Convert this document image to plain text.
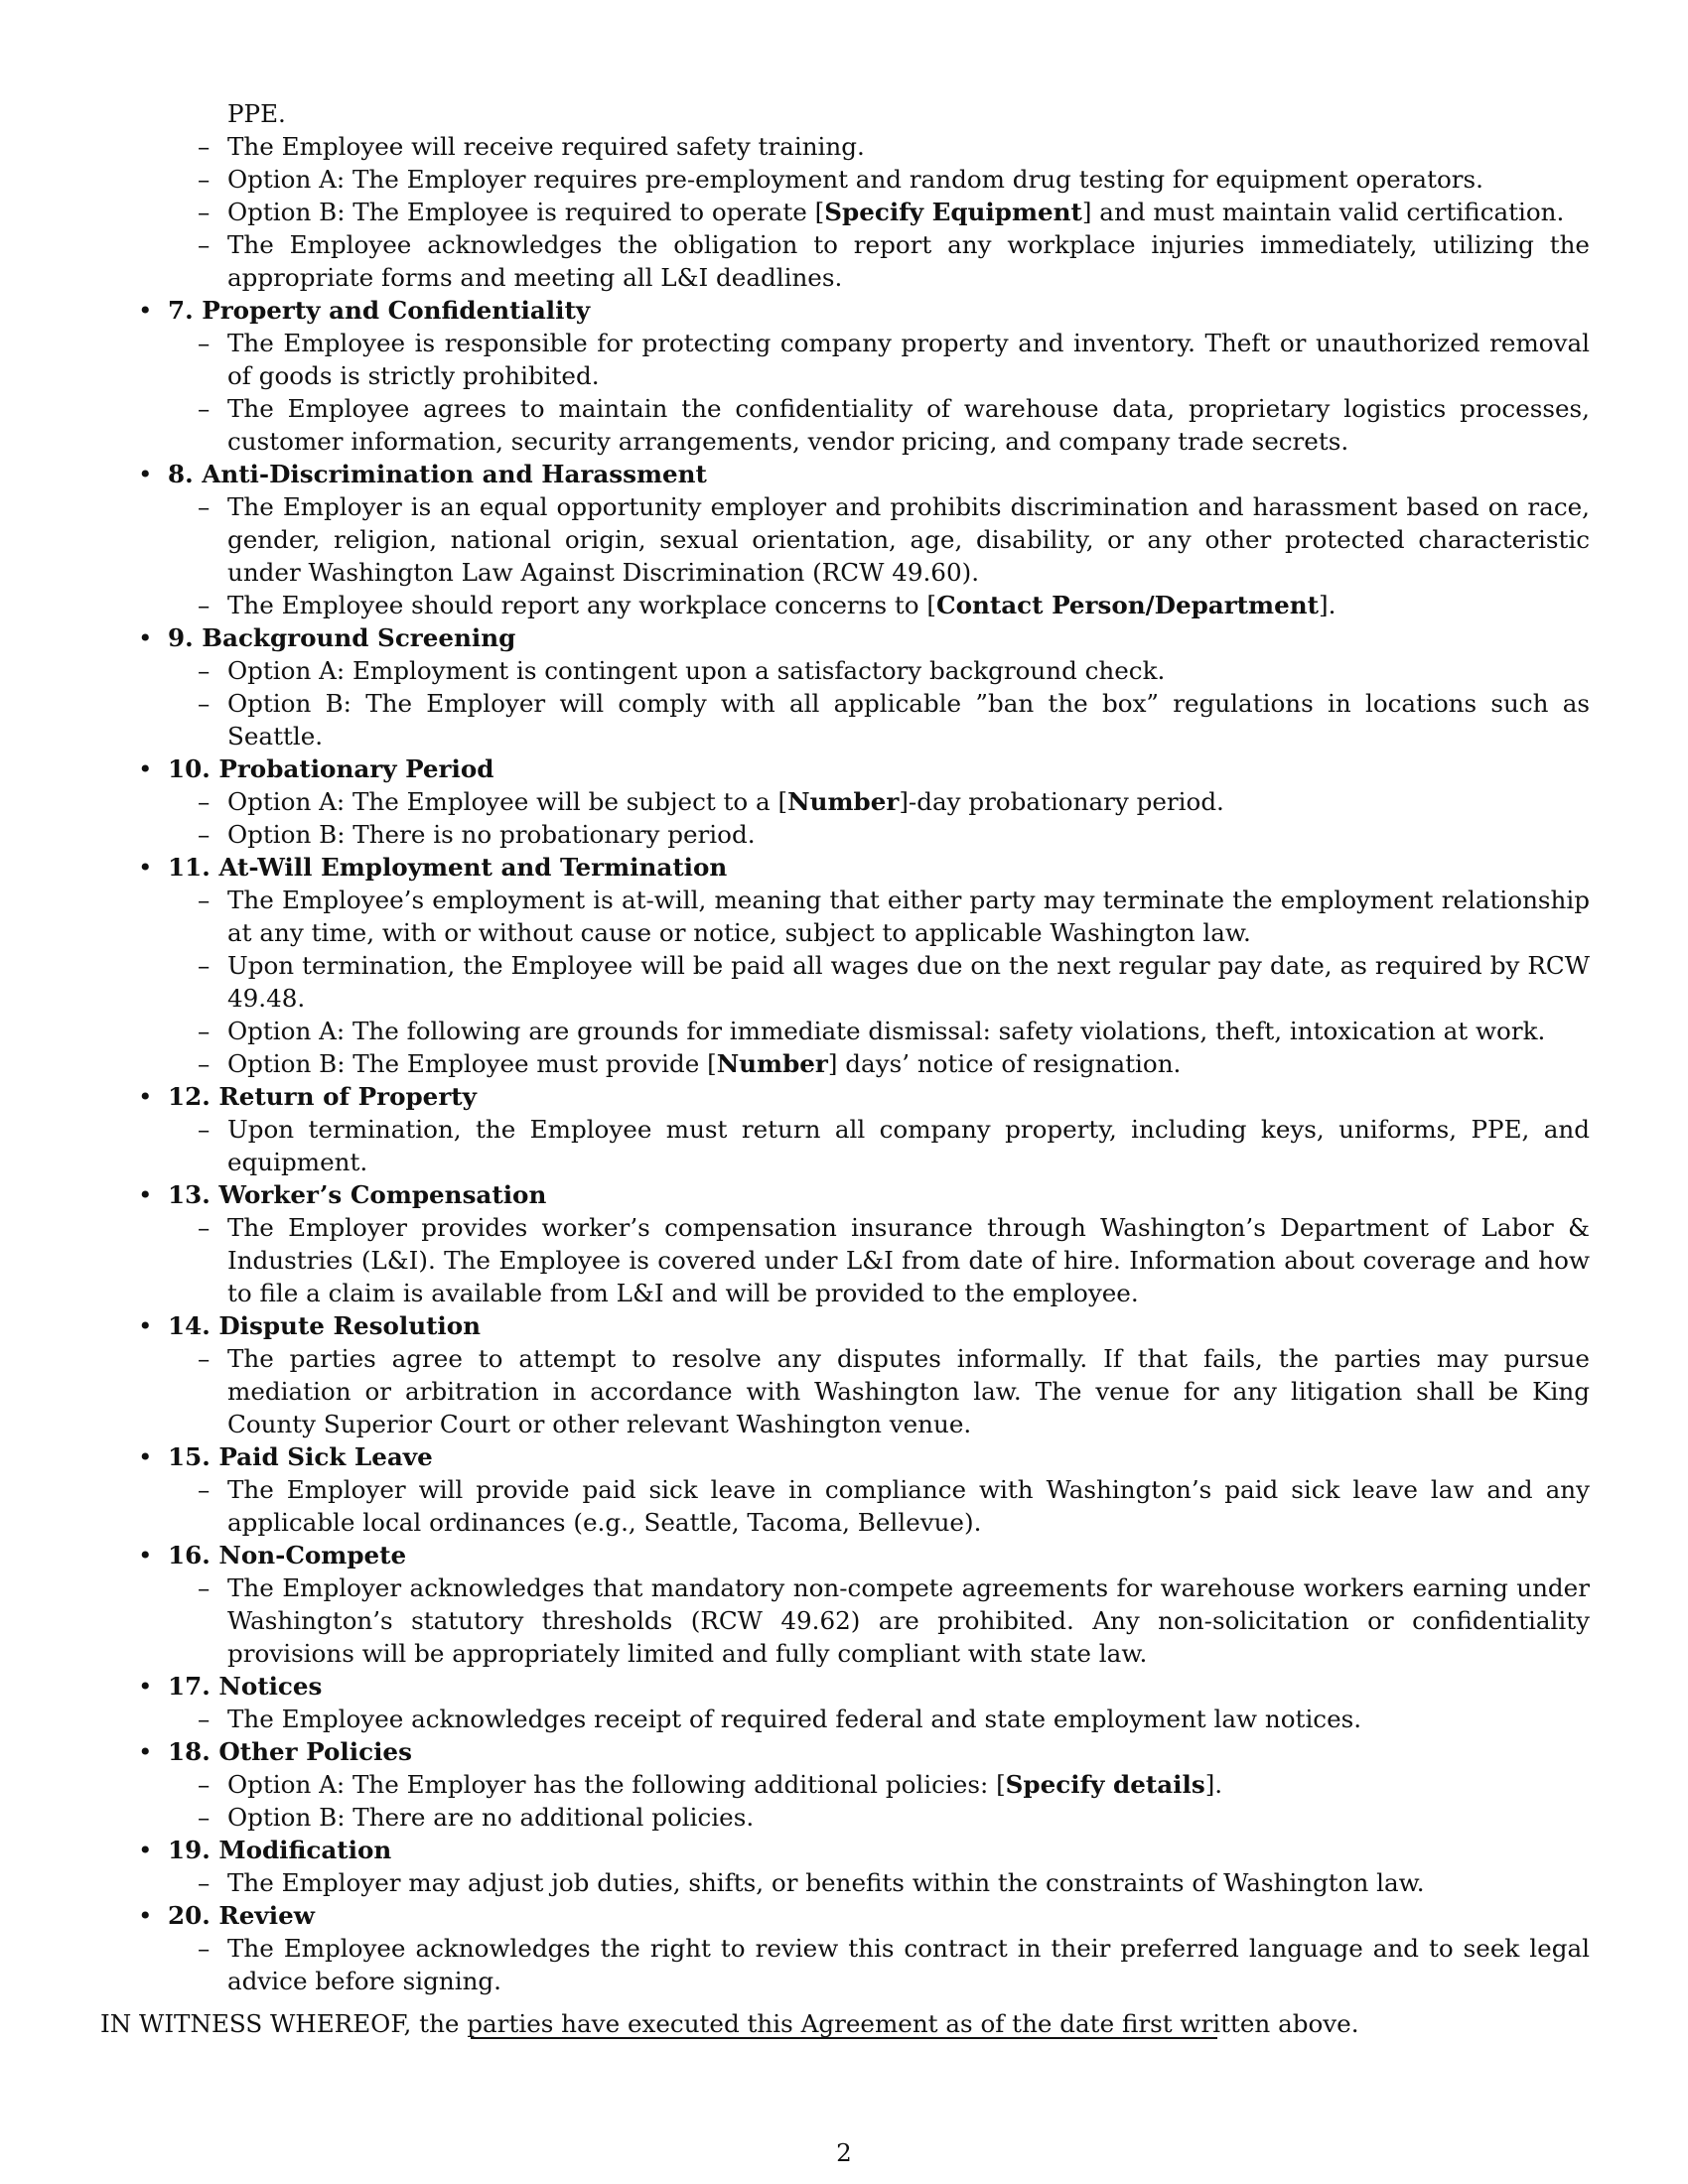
PPE.
– The Employee will receive required safety training.
– Option A: The Employer requires pre-employment and random drug testing for equipment operators.
– Option B: The Employee is required to operate [Specify Equipment] and must maintain valid certification.
– The Employee acknowledges the obligation to report any workplace injuries immediately, utilizing the appropriate forms and meeting all L&I deadlines.
• 7. Property and Confidentiality
– The Employee is responsible for protecting company property and inventory. Theft or unauthorized removal of goods is strictly prohibited.
– The Employee agrees to maintain the confidentiality of warehouse data, proprietary logistics processes, customer information, security arrangements, vendor pricing, and company trade secrets.
• 8. Anti-Discrimination and Harassment
– The Employer is an equal opportunity employer and prohibits discrimination and harassment based on race, gender, religion, national origin, sexual orientation, age, disability, or any other protected characteristic under Washington Law Against Discrimination (RCW 49.60).
– The Employee should report any workplace concerns to [Contact Person/Department].
• 9. Background Screening
– Option A: Employment is contingent upon a satisfactory background check.
– Option B: The Employer will comply with all applicable ”ban the box” regulations in locations such as Seattle.
• 10. Probationary Period
– Option A: The Employee will be subject to a [Number]-day probationary period.
– Option B: There is no probationary period.
• 11. At-Will Employment and Termination
– The Employee’s employment is at-will, meaning that either party may terminate the employment relationship at any time, with or without cause or notice, subject to applicable Washington law.
– Upon termination, the Employee will be paid all wages due on the next regular pay date, as required by RCW 49.48.
– Option A: The following are grounds for immediate dismissal: safety violations, theft, intoxication at work.
– Option B: The Employee must provide [Number] days’ notice of resignation.
• 12. Return of Property
– Upon termination, the Employee must return all company property, including keys, uniforms, PPE, and equipment.
• 13. Worker’s Compensation
– The Employer provides worker’s compensation insurance through Washington’s Department of Labor & Industries (L&I). The Employee is covered under L&I from date of hire. Information about coverage and how to file a claim is available from L&I and will be provided to the employee.
• 14. Dispute Resolution
– The parties agree to attempt to resolve any disputes informally. If that fails, the parties may pursue mediation or arbitration in accordance with Washington law. The venue for any litigation shall be King County Superior Court or other relevant Washington venue.
• 15. Paid Sick Leave
– The Employer will provide paid sick leave in compliance with Washington’s paid sick leave law and any applicable local ordinances (e.g., Seattle, Tacoma, Bellevue).
• 16. Non-Compete
– The Employer acknowledges that mandatory non-compete agreements for warehouse workers earning under Washington’s statutory thresholds (RCW 49.62) are prohibited. Any non-solicitation or confidentiality provisions will be appropriately limited and fully compliant with state law.
• 17. Notices
– The Employee acknowledges receipt of required federal and state employment law notices.
• 18. Other Policies
– Option A: The Employer has the following additional policies: [Specify details].
– Option B: There are no additional policies.
• 19. Modification
– The Employer may adjust job duties, shifts, or benefits within the constraints of Washington law.
• 20. Review
– The Employee acknowledges the right to review this contract in their preferred language and to seek legal advice before signing.
IN WITNESS WHEREOF, the parties have executed this Agreement as of the date first written above.
2
